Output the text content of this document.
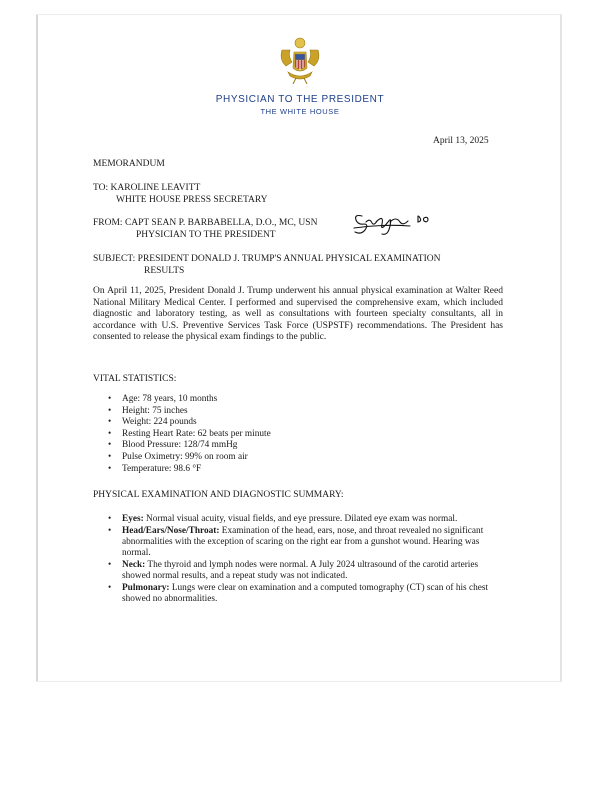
PHYSICIAN TO THE PRESIDENT
THE WHITE HOUSE
April 13, 2025
MEMORANDUM
TO: KAROLINE LEAVITT
WHITE HOUSE PRESS SECRETARY
FROM: CAPT SEAN P. BARBABELLA, D.O., MC, USN
PHYSICIAN TO THE PRESIDENT
SUBJECT: PRESIDENT DONALD J. TRUMP'S ANNUAL PHYSICAL EXAMINATION
RESULTS
On April 11, 2025, President Donald J. Trump underwent his annual physical examination at Walter Reed National Military Medical Center. I performed and supervised the comprehensive exam, which included diagnostic and laboratory testing, as well as consultations with fourteen specialty consultants, all in accordance with U.S. Preventive Services Task Force (USPSTF) recommendations. The President has consented to release the physical exam findings to the public.
VITAL STATISTICS:
• Age: 78 years, 10 months
• Height: 75 inches
• Weight: 224 pounds
• Resting Heart Rate: 62 beats per minute
• Blood Pressure: 128/74 mmHg
• Pulse Oximetry: 99% on room air
• Temperature: 98.6 °F
PHYSICAL EXAMINATION AND DIAGNOSTIC SUMMARY:
• Eyes: Normal visual acuity, visual fields, and eye pressure. Dilated eye exam was normal.
• Head/Ears/Nose/Throat: Examination of the head, ears, nose, and throat revealed no significant abnormalities with the exception of scaring on the right ear from a gunshot wound. Hearing was normal.
• Neck: The thyroid and lymph nodes were normal. A July 2024 ultrasound of the carotid arteries showed normal results, and a repeat study was not indicated.
• Pulmonary: Lungs were clear on examination and a computed tomography (CT) scan of his chest showed no abnormalities.
